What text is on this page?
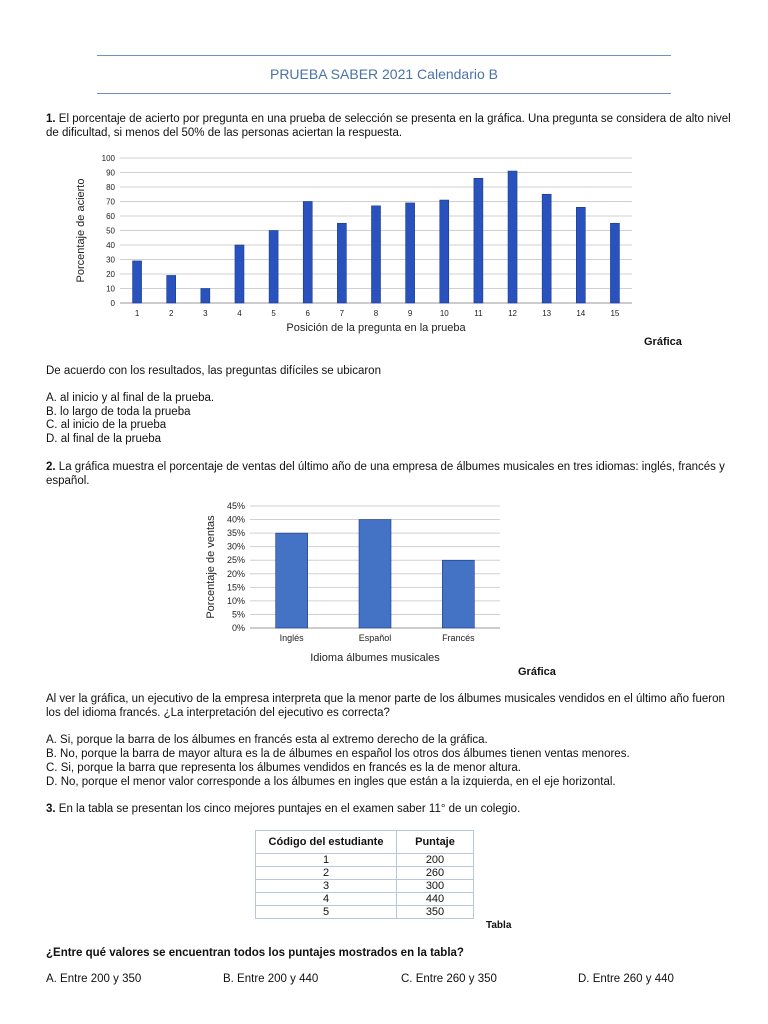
PRUEBA SABER 2021 Calendario B

1. El porcentaje de acierto por pregunta en una prueba de selección se presenta en la gráfica. Una pregunta se considera de alto nivel de dificultad, si menos del 50% de las personas aciertan la respuesta.

0
10
20
30
40
50
60
70
80
90
100
1	2	3	4	5	6	7	8	9	10	11	12	13	14	15
Posición de la pregunta en la prueba
Porcentaje de acierto
Gráfica

De acuerdo con los resultados, las preguntas difíciles se ubicaron

A. al inicio y al final de la prueba.

B. lo largo de toda la prueba

C. al inicio de la prueba

D. al final de la prueba

2. La gráfica muestra el porcentaje de ventas del último año de una empresa de álbumes musicales en tres idiomas: inglés, francés y español.

0%
5%
10%
15%
20%
25%
30%
35%
40%
45%
Inglés	Español	Francés
Idioma álbumes musicales
Porcentaje de ventas
Gráfica

Al ver la gráfica, un ejecutivo de la empresa interpreta que la menor parte de los álbumes musicales vendidos en el último año fueron los del idioma francés. ¿La interpretación del ejecutivo es correcta?

A. Si, porque la barra de los álbumes en francés esta al extremo derecho de la gráfica.

B. No, porque la barra de mayor altura es la de álbumes en español los otros dos álbumes tienen ventas menores.

C. Si, porque la barra que representa los álbumes vendidos en francés es la de menor altura.

D. No, porque el menor valor corresponde a los álbumes en ingles que están a la izquierda, en el eje horizontal.

3. En la tabla se presentan los cinco mejores puntajes en el examen saber 11° de un colegio.

Código del estudiante	Puntaje
1	200
2	260
3	300
4	440
5	350
Tabla

¿Entre qué valores se encuentran todos los puntajes mostrados en la tabla?

A. Entre 200 y 350	B. Entre 200 y 440	C. Entre 260 y 350	D. Entre 260 y 440
